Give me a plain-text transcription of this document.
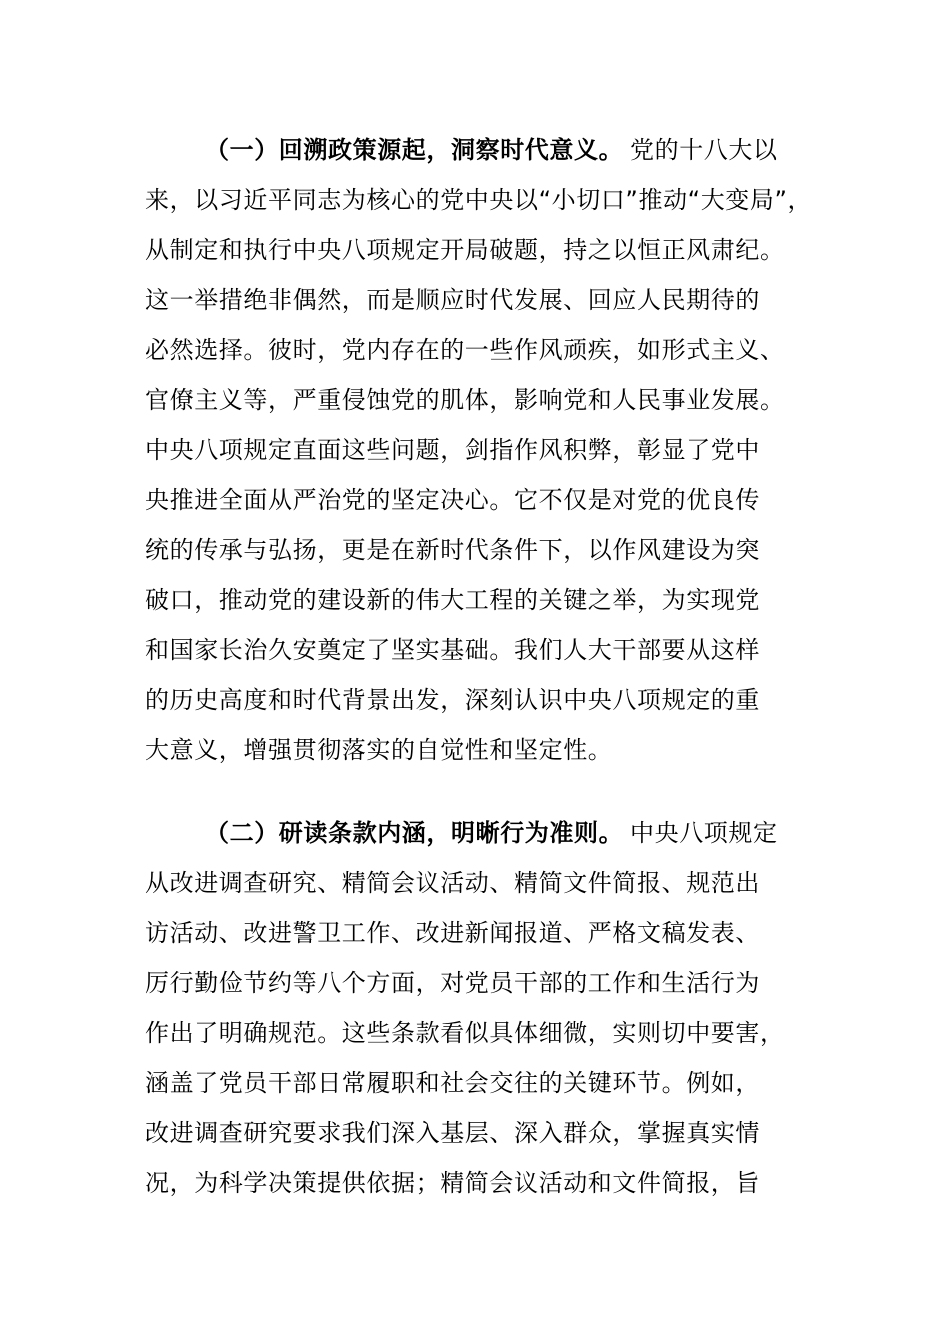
（一）回溯政策源起，洞察时代意义。 党的十八大以
来，以习近平同志为核心的党中央以“小切口”推动“大变局”，
从制定和执行中央八项规定开局破题，持之以恒正风肃纪。
这一举措绝非偶然，而是顺应时代发展、回应人民期待的
必然选择。彼时，党内存在的一些作风顽疾，如形式主义、
官僚主义等，严重侵蚀党的肌体，影响党和人民事业发展。
中央八项规定直面这些问题，剑指作风积弊，彰显了党中
央推进全面从严治党的坚定决心。它不仅是对党的优良传
统的传承与弘扬，更是在新时代条件下，以作风建设为突
破口，推动党的建设新的伟大工程的关键之举，为实现党
和国家长治久安奠定了坚实基础。我们人大干部要从这样
的历史高度和时代背景出发，深刻认识中央八项规定的重
大意义，增强贯彻落实的自觉性和坚定性。
（二）研读条款内涵，明晰行为准则。 中央八项规定
从改进调查研究、精简会议活动、精简文件简报、规范出
访活动、改进警卫工作、改进新闻报道、严格文稿发表、
厉行勤俭节约等八个方面，对党员干部的工作和生活行为
作出了明确规范。这些条款看似具体细微，实则切中要害，
涵盖了党员干部日常履职和社会交往的关键环节。例如，
改进调查研究要求我们深入基层、深入群众，掌握真实情
况，为科学决策提供依据；精简会议活动和文件简报，旨
